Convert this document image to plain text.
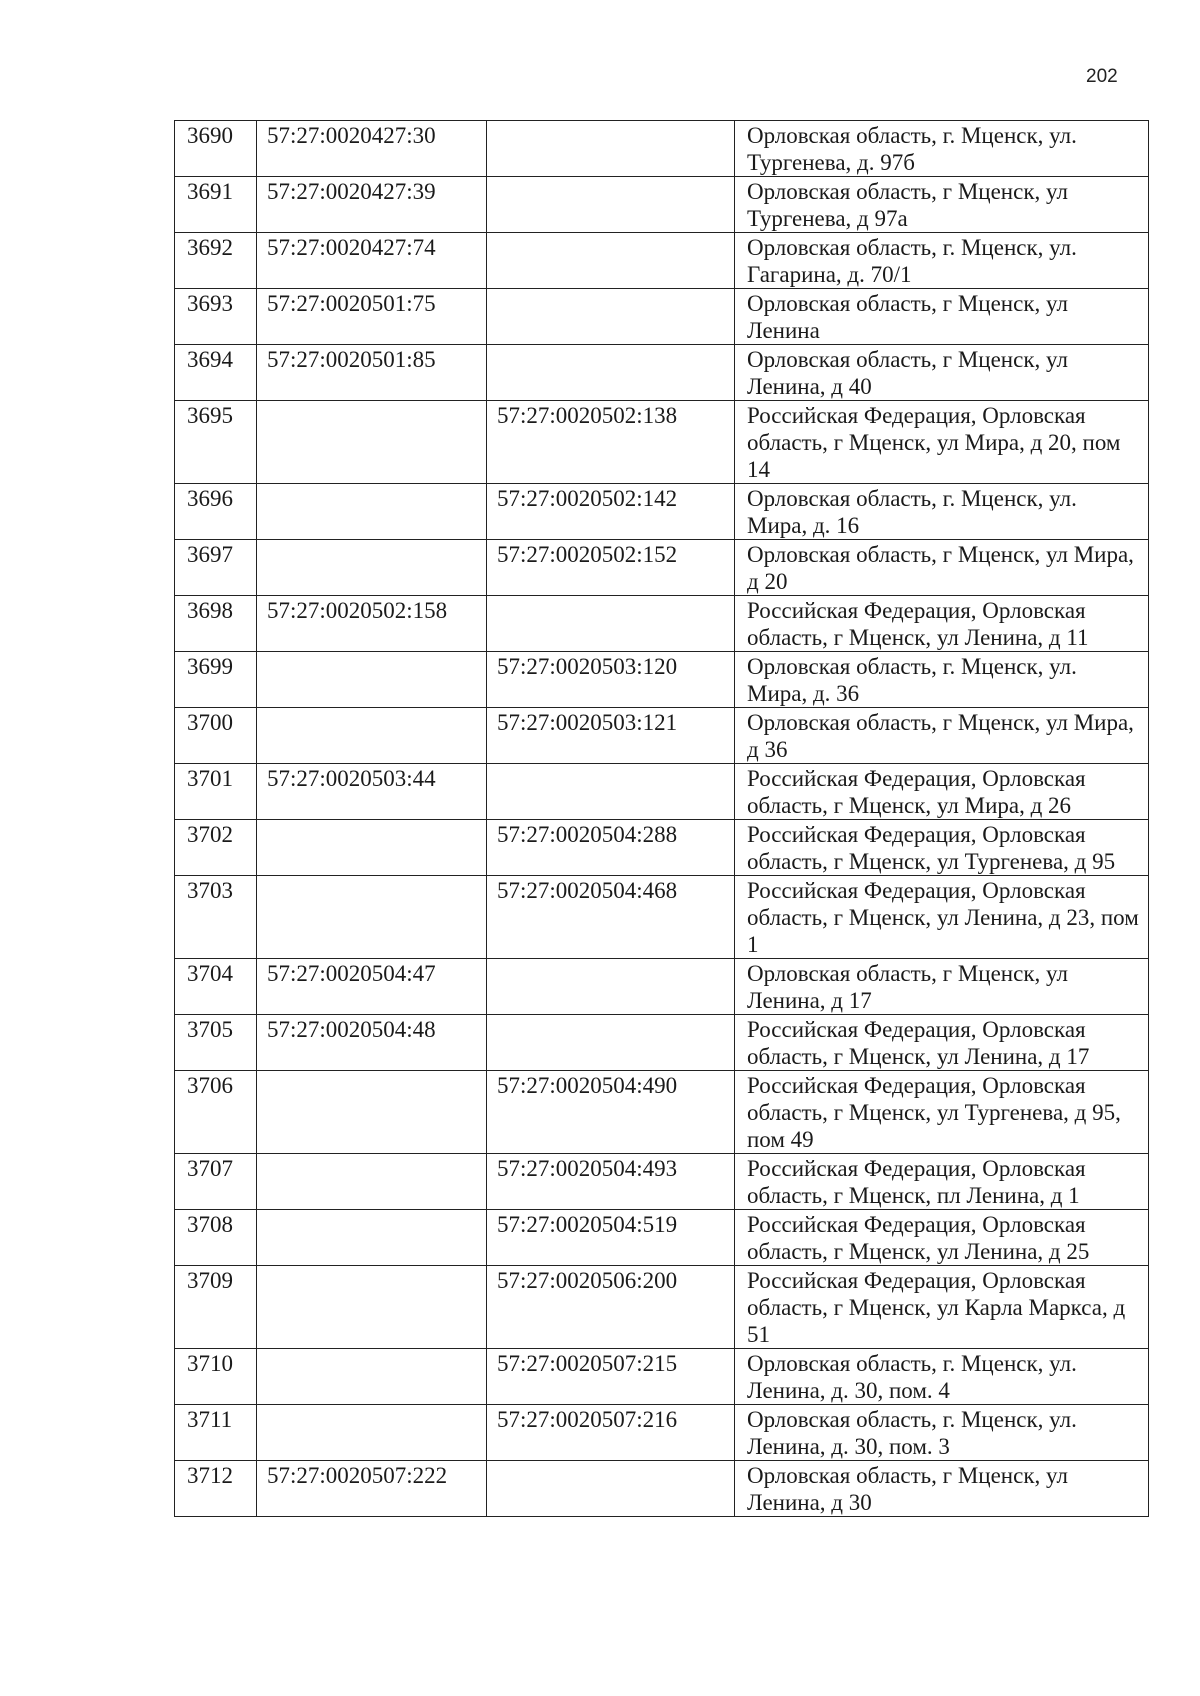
202
3690	57:27:0020427:30		Орловская область, г. Мценск, ул. Тургенева, д. 97б
3691	57:27:0020427:39		Орловская область, г Мценск, ул Тургенева, д 97а
3692	57:27:0020427:74		Орловская область, г. Мценск, ул. Гагарина, д. 70/1
3693	57:27:0020501:75		Орловская область, г Мценск, ул Ленина
3694	57:27:0020501:85		Орловская область, г Мценск, ул Ленина, д 40
3695		57:27:0020502:138	Российская Федерация, Орловская область, г Мценск, ул Мира, д 20, пом 14
3696		57:27:0020502:142	Орловская область, г. Мценск, ул. Мира, д. 16
3697		57:27:0020502:152	Орловская область, г Мценск, ул Мира, д 20
3698	57:27:0020502:158		Российская Федерация, Орловская область, г Мценск, ул Ленина, д 11
3699		57:27:0020503:120	Орловская область, г. Мценск, ул. Мира, д. 36
3700		57:27:0020503:121	Орловская область, г Мценск, ул Мира, д 36
3701	57:27:0020503:44		Российская Федерация, Орловская область, г Мценск, ул Мира, д 26
3702		57:27:0020504:288	Российская Федерация, Орловская область, г Мценск, ул Тургенева, д 95
3703		57:27:0020504:468	Российская Федерация, Орловская область, г Мценск, ул Ленина, д 23, пом 1
3704	57:27:0020504:47		Орловская область, г Мценск, ул Ленина, д 17
3705	57:27:0020504:48		Российская Федерация, Орловская область, г Мценск, ул Ленина, д 17
3706		57:27:0020504:490	Российская Федерация, Орловская область, г Мценск, ул Тургенева, д 95, пом 49
3707		57:27:0020504:493	Российская Федерация, Орловская область, г Мценск, пл Ленина, д 1
3708		57:27:0020504:519	Российская Федерация, Орловская область, г Мценск, ул Ленина, д 25
3709		57:27:0020506:200	Российская Федерация, Орловская область, г Мценск, ул Карла Маркса, д 51
3710		57:27:0020507:215	Орловская область, г. Мценск, ул. Ленина, д. 30, пом. 4
3711		57:27:0020507:216	Орловская область, г. Мценск, ул. Ленина, д. 30, пом. 3
3712	57:27:0020507:222		Орловская область, г Мценск, ул Ленина, д 30
